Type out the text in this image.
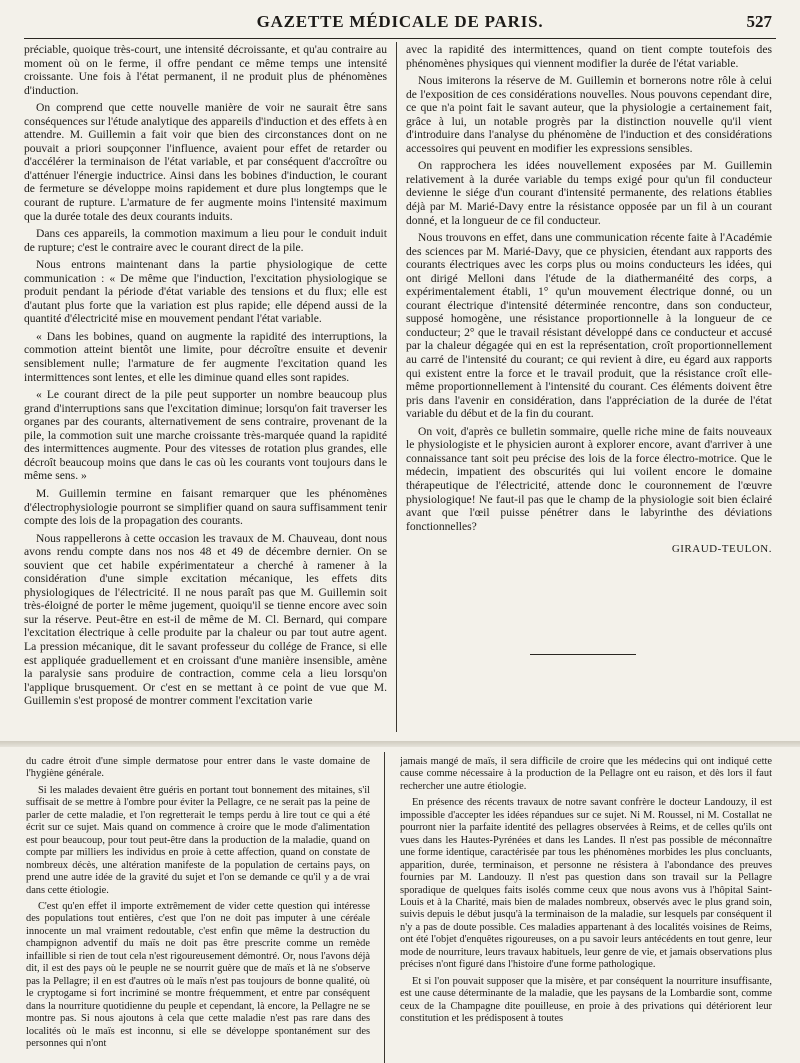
GAZETTE MÉDICALE DE PARIS.	527

préciable, quoique très-court, une intensité décroissante, et qu'au contraire au moment où on le ferme, il offre pendant ce même temps une intensité croissante. Une fois à l'état permanent, il ne produit plus de phénomènes d'induction.

On comprend que cette nouvelle manière de voir ne saurait être sans conséquences sur l'étude analytique des appareils d'induction et des effets à en attendre. M. Guillemin a fait voir que bien des circonstances dont on ne pouvait a priori soupçonner l'influence, avaient pour effet de retarder ou d'accélérer la terminaison de l'état variable, et par conséquent d'accroître ou d'atténuer l'énergie inductrice. Ainsi dans les bobines d'induction, le courant de fermeture se développe moins rapidement et dure plus longtemps que le courant de rupture. L'armature de fer augmente moins l'intensité maximum que la durée totale des deux courants induits.

Dans ces appareils, la commotion maximum a lieu pour le conduit induit de rupture; c'est le contraire avec le courant direct de la pile.

Nous entrons maintenant dans la partie physiologique de cette communication : « De même que l'induction, l'excitation physiologique se produit pendant la période d'état variable des tensions et du flux; elle est d'autant plus forte que la variation est plus rapide; elle dépend aussi de la quantité d'électricité mise en mouvement pendant l'état variable.

« Dans les bobines, quand on augmente la rapidité des interruptions, la commotion atteint bientôt une limite, pour décroître ensuite et devenir sensiblement nulle; l'armature de fer augmente l'excitation quand les intermittences sont lentes, et elle les diminue quand elles sont rapides.

« Le courant direct de la pile peut supporter un nombre beaucoup plus grand d'interruptions sans que l'excitation diminue; lorsqu'on fait traverser les organes par des courants, alternativement de sens contraire, provenant de la pile, la commotion suit une marche croissante très-marquée quand la rapidité des intermittences augmente. Pour des vitesses de rotation plus grandes, elle décroît beaucoup moins que dans le cas où les courants vont toujours dans le même sens. »

M. Guillemin termine en faisant remarquer que les phénomènes d'électrophysiologie pourront se simplifier quand on saura suffisamment tenir compte des lois de la propagation des courants.

Nous rappellerons à cette occasion les travaux de M. Chauveau, dont nous avons rendu compte dans nos nos 48 et 49 de décembre dernier. On se souvient que cet habile expérimentateur a cherché à ramener à la considération d'une simple excitation mécanique, les effets dits physiologiques de l'électricité. Il ne nous paraît pas que M. Guillemin soit très-éloigné de porter le même jugement, quoiqu'il se tienne encore avec soin sur la réserve. Peut-être en est-il de même de M. Cl. Bernard, qui compare l'excitation électrique à celle produite par la chaleur ou par tout autre agent. La pression mécanique, dit le savant professeur du collége de France, si elle est appliquée graduellement et en croissant d'une manière insensible, amène la paralysie sans produire de contraction, comme cela a lieu lorsqu'on l'applique brusquement. Or c'est en se mettant à ce point de vue que M. Guillemin s'est proposé de montrer comment l'excitation varie

avec la rapidité des intermittences, quand on tient compte toutefois des phénomènes physiques qui viennent modifier la durée de l'état variable.

Nous imiterons la réserve de M. Guillemin et bornerons notre rôle à celui de l'exposition de ces considérations nouvelles. Nous pouvons cependant dire, ce que n'a point fait le savant auteur, que la physiologie a certainement fait, grâce à lui, un notable progrès par la distinction nouvelle qu'il vient d'introduire dans l'analyse du phénomène de l'induction et des considérations accessoires qui peuvent en modifier les expressions sensibles.

On rapprochera les idées nouvellement exposées par M. Guillemin relativement à la durée variable du temps exigé pour qu'un fil conducteur devienne le siége d'un courant d'intensité permanente, des relations établies déjà par M. Marié-Davy entre la résistance opposée par un fil à un courant donné, et la longueur de ce fil conducteur.

Nous trouvons en effet, dans une communication récente faite à l'Académie des sciences par M. Marié-Davy, que ce physicien, étendant aux rapports des courants électriques avec les corps plus ou moins conducteurs les idées, qui ont dirigé Melloni dans l'étude de la diathermanéité des corps, a expérimentalement établi, 1° qu'un mouvement électrique donné, ou un courant électrique d'intensité déterminée rencontre, dans son conducteur, supposé homogène, une résistance proportionnelle à la longueur de ce conducteur; 2° que le travail résistant développé dans ce conducteur et accusé par la chaleur dégagée qui en est la représentation, croît proportionnellement au carré de l'intensité du courant; ce qui revient à dire, eu égard aux rapports qui existent entre la force et le travail produit, que la résistance croît elle-même proportionnellement à l'intensité du courant. Ces éléments doivent être pris dans l'avenir en considération, dans l'appréciation de la durée de l'état variable du début et de la fin du courant.

On voit, d'après ce bulletin sommaire, quelle riche mine de faits nouveaux le physiologiste et le physicien auront à explorer encore, avant d'arriver à une connaissance tant soit peu précise des lois de la force électro-motrice. Que le médecin, impatient des obscurités qui lui voilent encore le domaine thérapeutique de l'électricité, attende donc le couronnement de l'œuvre physiologique! Ne faut-il pas que le champ de la physiologie soit bien éclairé avant que l'œil puisse pénétrer dans le labyrinthe des déviations fonctionnelles?

GIRAUD-TEULON.

du cadre étroit d'une simple dermatose pour entrer dans le vaste domaine de l'hygiène générale.

Si les malades devaient être guéris en portant tout bonnement des mitaines, s'il suffisait de se mettre à l'ombre pour éviter la Pellagre, ce ne serait pas la peine de parler de cette maladie, et l'on regretterait le temps perdu à lire tout ce qui a été écrit sur ce sujet. Mais quand on commence à croire que le mode d'alimentation est pour beaucoup, pour tout peut-être dans la production de la maladie, quand on compte par milliers les individus en proie à cette affection, quand on constate de nombreux décès, une altération manifeste de la population de certains pays, on prend une autre idée de la gravité du sujet et l'on se demande ce qu'il y a de vrai dans cette étiologie.

C'est qu'en effet il importe extrêmement de vider cette question qui intéresse des populations tout entières, c'est que l'on ne doit pas imputer à une céréale innocente un mal vraiment redoutable, c'est enfin que même la destruction du champignon adventif du maïs ne doit pas être prescrite comme un remède infaillible si rien de tout cela n'est rigoureusement démontré. Or, nous l'avons déjà dit, il est des pays où le peuple ne se nourrit guère que de maïs et là ne s'observe pas la Pellagre; il en est d'autres où le maïs n'est pas toujours de bonne qualité, où le cryptogame si fort incriminé se montre fréquemment, et entre par conséquent dans la nourriture quotidienne du peuple et cependant, là encore, la Pellagre ne se montre pas. Si nous ajoutons à cela que cette maladie n'est pas rare dans des localités où le maïs est inconnu, si elle se développe spontanément sur des personnes qui n'ont

jamais mangé de maïs, il sera difficile de croire que les médecins qui ont indiqué cette cause comme nécessaire à la production de la Pellagre ont eu raison, et dès lors il faut rechercher une autre étiologie.

En présence des récents travaux de notre savant confrère le docteur Landouzy, il est impossible d'accepter les idées répandues sur ce sujet. Ni M. Roussel, ni M. Costallat ne pourront nier la parfaite identité des pellagres observées à Reims, et de celles qu'ils ont vues dans les Hautes-Pyrénées et dans les Landes. Il n'est pas possible de méconnaître une forme identique, caractérisée par tous les phénomènes morbides les plus concluants, apparition, durée, terminaison, et personne ne résistera à l'abondance des preuves fournies par M. Landouzy. Il n'est pas question dans son travail sur la Pellagre sporadique de quelques faits isolés comme ceux que nous avons vus à l'hôpital Saint-Louis et à la Charité, mais bien de malades nombreux, observés avec le plus grand soin, suivis depuis le début jusqu'à la terminaison de la maladie, sur lesquels par conséquent il n'y a pas de doute possible. Ces maladies appartenant à des localités voisines de Reims, ont été l'objet d'enquêtes rigoureuses, on a pu savoir leurs antécédents en tout genre, leur mode de nourriture, leurs travaux habituels, leur genre de vie, et jamais observations plus précises n'ont figuré dans l'histoire d'une forme pathologique.

Et si l'on pouvait supposer que la misère, et par conséquent la nourriture insuffisante, est une cause déterminante de la maladie, que les paysans de la Lombardie sont, comme ceux de la Champagne dite pouilleuse, en proie à des privations qui détériorent leur constitution et les prédisposent à toutes
